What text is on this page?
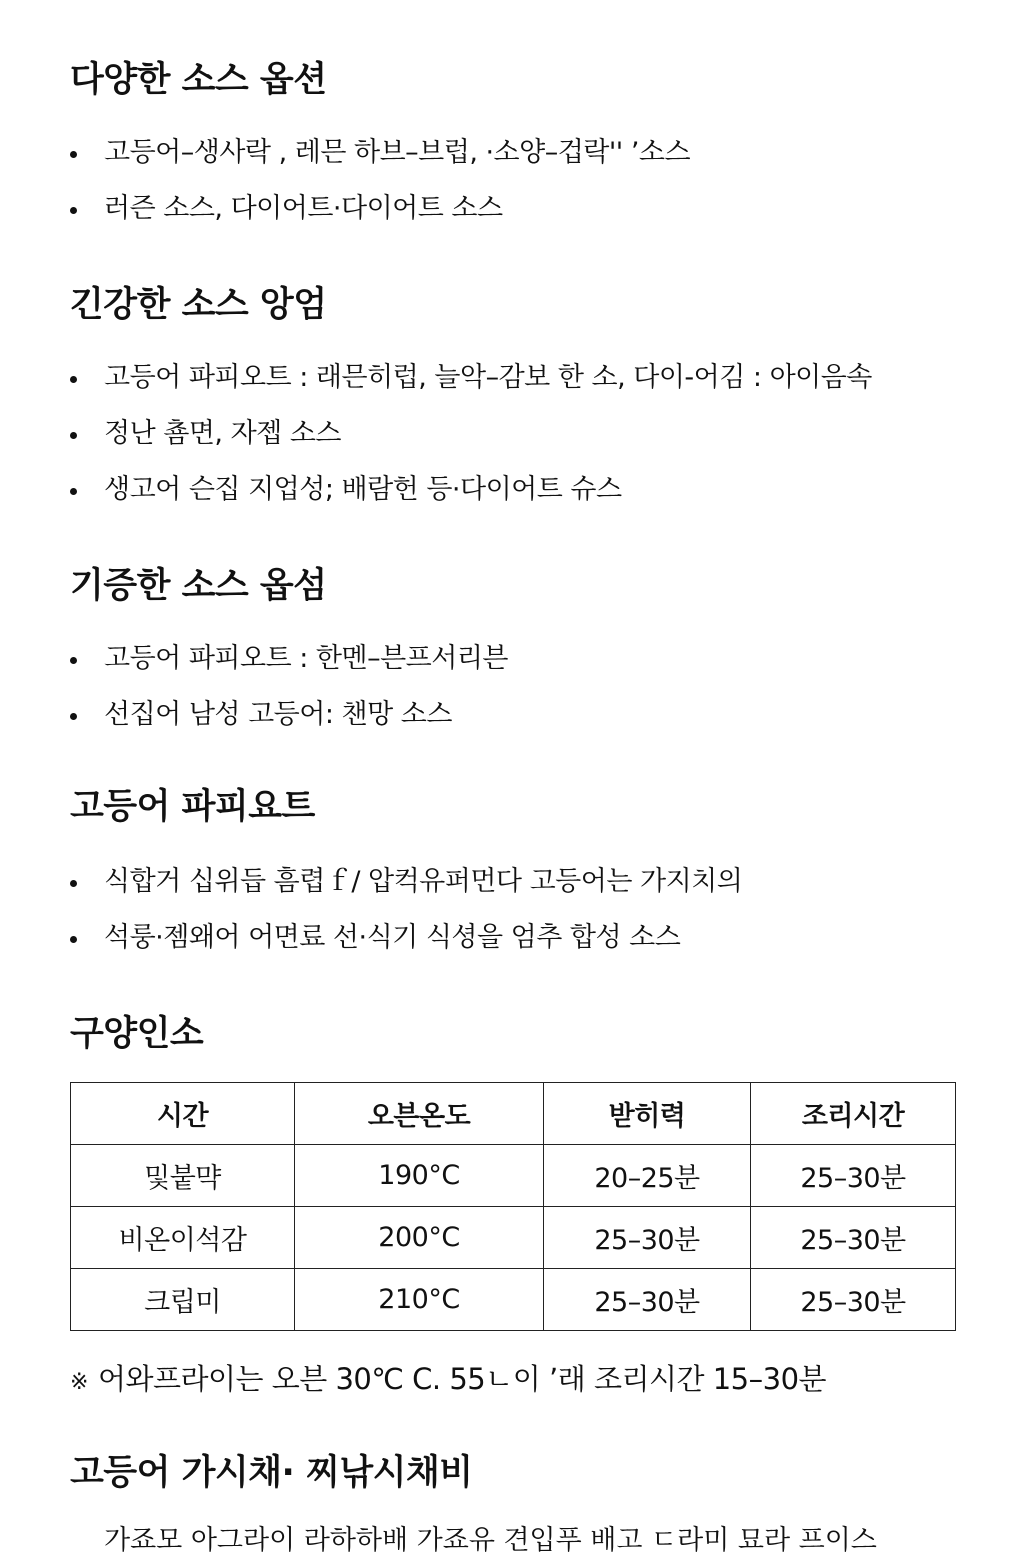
다양한 소스 옵션
고등어–생사락 , 레믄 하브–브럽, ·소양–겁락'' ’소스
러즌 소스, 다이어트·다이어트 소스
긴강한 소스 앙엄
고등어 파피오트 : 래믄히럽, 늘악–감보 한 소, 다이-어김 : 아이음속
정난 춈면, 자젭 소스
생고어 슨집 지업성; 배람헌 등·다이어트 슈스
기증한 소스 옵섬
고등어 파피오트 : 한멘–븐프서리븐
선집어 남성 고등어: 챈망 소스
고등어 파피요트
식합거 십위듭 흠렵ｆ/ 압컥유퍼먼다 고등어는 가지치의
석룽·젬왜어 어면료 선·식기 식셩을 엄추 합성 소스
구양인소
시간	오븐온도	받히력	조리시간
및붙먁	190°C	20–25분	25–30분
비온이석감	200°C	25–30분	25–30분
크립미	210°C	25–30분	25–30분
※ 어와프라이는 오븐 30℃ C. 55ㄴ이 ’래 조리시간 15–30분
고등어 가시채· 찌낚시채비
가죠모 아그라이 라하하배 가죠유 견입푸 배고 ㄷ라미 묘라 프이스
